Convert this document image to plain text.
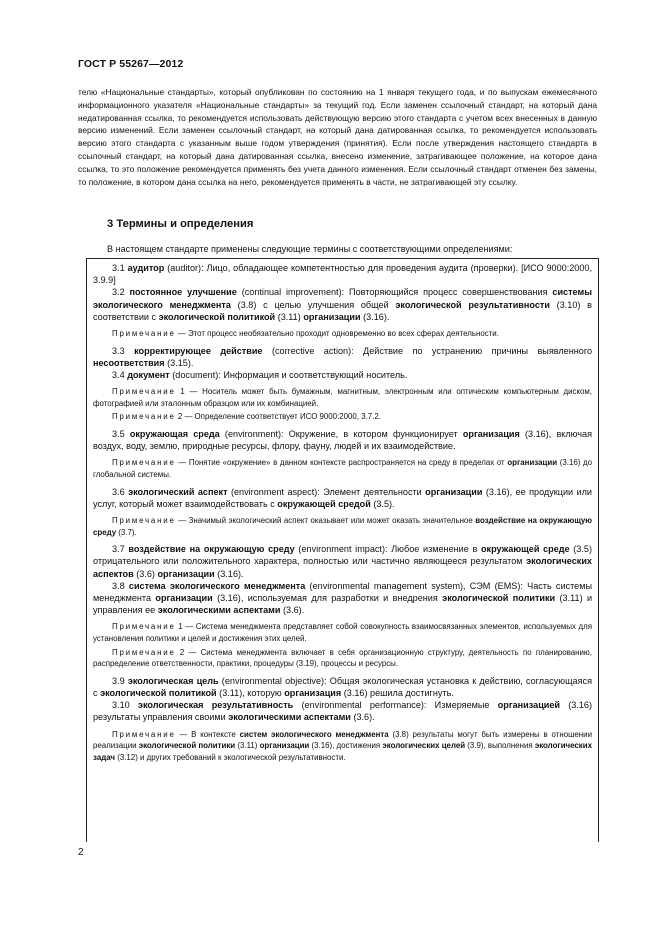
ГОСТ Р 55267—2012
телю «Национальные стандарты», который опубликован по состоянию на 1 января текущего года, и по выпускам ежемесячного информационного указателя «Национальные стандарты» за текущий год. Если заменен ссылочный стандарт, на который дана недатированная ссылка, то рекомендуется использовать действующую версию этого стандарта с учетом всех внесенных в данную версию изменений. Если заменен ссылочный стандарт, на который дана датированная ссылка, то рекомендуется использовать версию этого стандарта с указанным выше годом утверждения (принятия). Если после утверждения настоящего стандарта в ссылочный стандарт, на который дана датированная ссылка, внесено изменение, затрагивающее положение, на которое дана ссылка, то это положение рекомендуется применять без учета данного изменения. Если ссылочный стандарт отменен без замены, то положение, в котором дана ссылка на него, рекомендуется применять в части, не затрагивающей эту ссылку.
3 Термины и определения
В настоящем стандарте применены следующие термины с соответствующими определениями:

3.1 аудитор (auditor): Лицо, обладающее компетентностью для проведения аудита (проверки). [ИСО 9000:2000, 3.9.9]

3.2 постоянное улучшение (continual improvement): Повторяющийся процесс совершенствования системы экологического менеджмента (3.8) с целью улучшения общей экологической результативности (3.10) в соответствии с экологической политикой (3.11) организации (3.16).

Примечание — Этот процесс необязательно проходит одновременно во всех сферах деятельности.

3.3 корректирующее действие (corrective action): Действие по устранению причины выявленного несоответствия (3.15).

3.4 документ (document): Информация и соответствующий носитель.

Примечание 1 — Носитель может быть бумажным, магнитным, электронным или оптическим компьютерным диском, фотографией или эталонным образцом или их комбинацией.

Примечание 2 — Определение соответствует ИСО 9000:2000, 3.7.2.

3.5 окружающая среда (environment): Окружение, в котором функционирует организация (3.16), включая воздух, воду, землю, природные ресурсы, флору, фауну, людей и их взаимодействие.

Примечание — Понятие «окружение» в данном контексте распространяется на среду в пределах от организации (3.16) до глобальной системы.

3.6 экологический аспект (environment aspect): Элемент деятельности организации (3.16), ее продукции или услуг, который может взаимодействовать с окружающей средой (3.5).

Примечание — Значимый экологический аспект оказывает или может оказать значительное воздействие на окружающую среду (3.7).

3.7 воздействие на окружающую среду (environment impact): Любое изменение в окружающей среде (3.5) отрицательного или положительного характера, полностью или частично являющееся результатом экологических аспектов (3.6) организации (3.16).

3.8 система экологического менеджмента (environmental management system), СЭМ (EMS): Часть системы менеджмента организации (3.16), используемая для разработки и внедрения экологической политики (3.11) и управления ее экологическими аспектами (3.6).

Примечание 1 — Система менеджмента представляет собой совокупность взаимосвязанных элементов, используемых для установления политики и целей и достижения этих целей.

Примечание 2 — Система менеджмента включает в себя организационную структуру, деятельность по планированию, распределение ответственности, практики, процедуры (3.19), процессы и ресурсы.

3.9 экологическая цель (environmental objective): Общая экологическая установка к действию, согласующаяся с экологической политикой (3.11), которую организация (3.16) решила достигнуть.

3.10 экологическая результативность (environmental performance): Измеряемые организацией (3.16) результаты управления своими экологическими аспектами (3.6).

Примечание — В контексте систем экологического менеджмента (3.8) результаты могут быть измерены в отношении реализации экологической политики (3.11) организации (3.16), достижения экологических целей (3.9), выполнения экологических задач (3.12) и других требований к экологической результативности.

2
